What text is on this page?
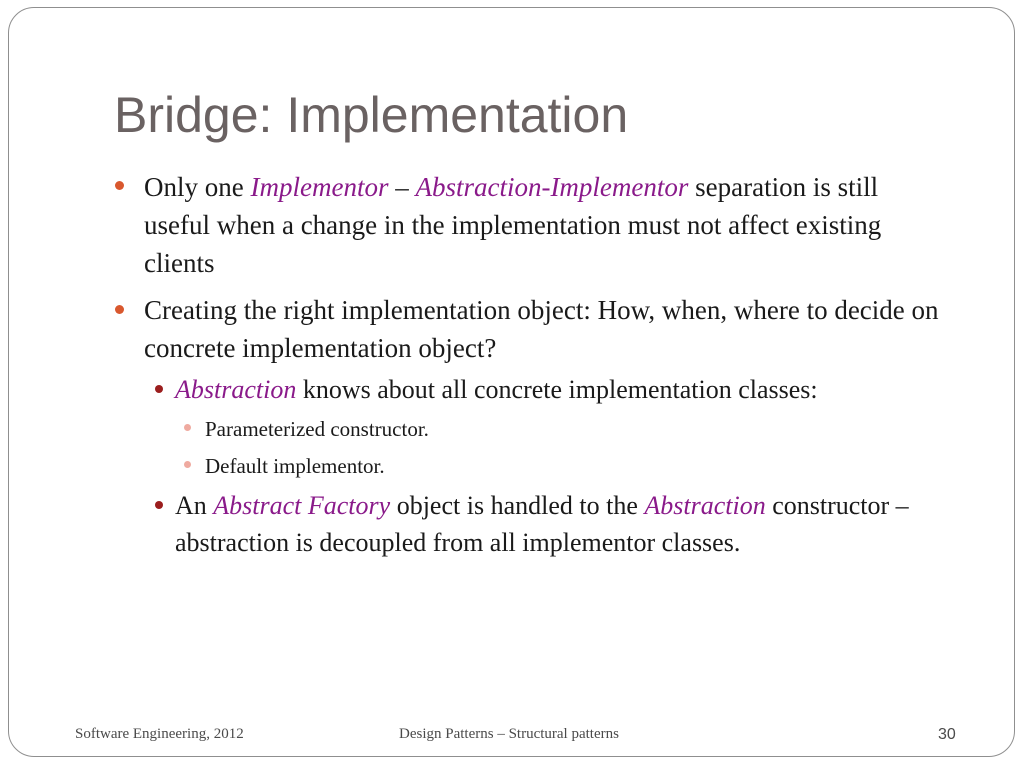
Bridge: Implementation
Only one Implementor – Abstraction-Implementor separation is still useful when a change in the implementation must not affect existing clients
Creating the right implementation object: How, when, where to decide on concrete implementation object?
Abstraction knows about all concrete implementation classes:
Parameterized constructor.
Default implementor.
An Abstract Factory object is handled to the Abstraction constructor – abstraction is decoupled from all implementor classes.
Software Engineering, 2012	Design Patterns – Structural patterns	30
